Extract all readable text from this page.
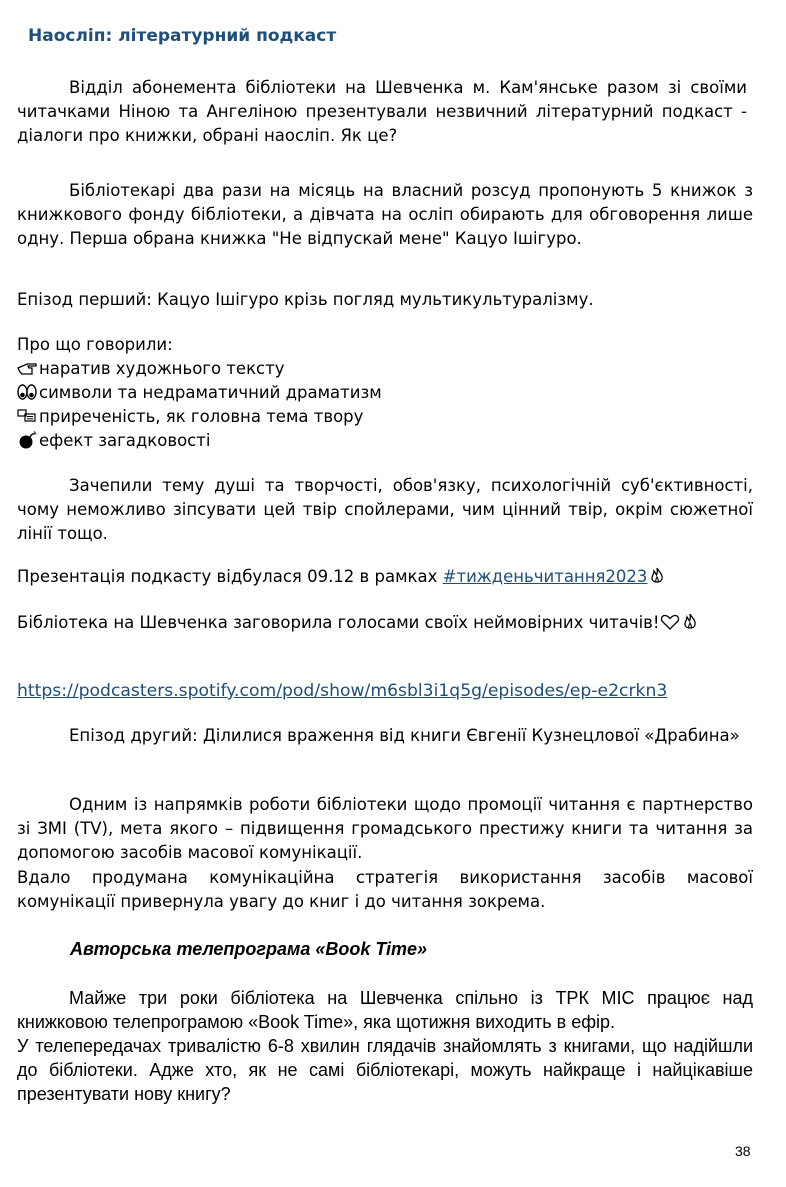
Наосліп: літературний подкаст
Відділ абонемента бібліотеки на Шевченка м. Кам'янське разом зі своїми читачками Ніною та Ангеліною презентували незвичний літературний подкаст - діалоги про книжки, обрані наосліп. Як це?
Бібліотекарі два рази на місяць на власний розсуд пропонують 5 книжок з книжкового фонду бібліотеки, а дівчата на осліп обирають для обговорення лише одну. Перша обрана книжка "Не відпускай мене" Кацуо Ішігуро.
Епізод перший: Кацуо Ішігуро крізь погляд мультикультуралізму.
Про що говорили:
наратив художнього тексту
символи та недраматичний драматизм
приреченість, як головна тема твору
ефект загадковості
Зачепили тему душі та творчості, обов'язку, психологічній суб'єктивності, чому неможливо зіпсувати цей твір спойлерами, чим цінний твір, окрім сюжетної лінії тощо.
Презентація подкасту відбулася 09.12 в рамках #тижденьчитання2023
Бібліотека на Шевченка заговорила голосами своїх неймовірних читачів!
https://podcasters.spotify.com/pod/show/m6sbl3i1q5g/episodes/ep-e2crkn3
Епізод другий: Ділилися враження від книги Євгенії Кузнецлової «Драбина»
Одним із напрямків роботи бібліотеки щодо промоції читання є партнерство зі ЗМІ (TV), мета якого – підвищення громадського престижу книги та читання за допомогою засобів масової комунікації.
Вдало продумана комунікаційна стратегія використання засобів масової комунікації привернула увагу до книг і до читання зокрема.
Авторська телепрограма «Book Time»
Майже три роки бібліотека на Шевченка спільно із ТРК МІС працює над книжковою телепрограмою «Book Time», яка щотижня виходить в ефір.
У телепередачах тривалістю 6-8 хвилин глядачів знайомлять з книгами, що надійшли до бібліотеки. Адже хто, як не самі бібліотекарі, можуть найкраще і найцікавіше презентувати нову книгу?
38
